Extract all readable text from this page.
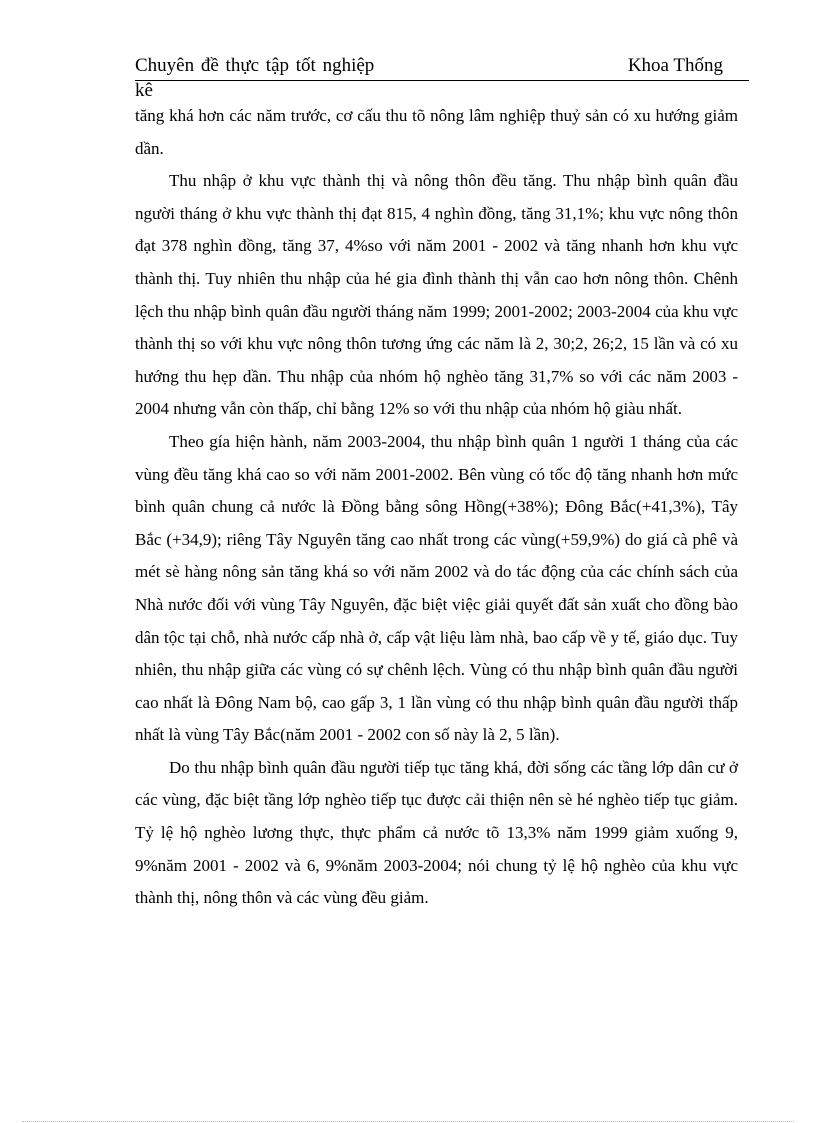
Chuyên đề thực tập tốt nghiệp	Khoa Thống
kê

tăng khá hơn các năm trước, cơ cấu thu tõ nông lâm nghiệp thuỷ sản có xu hướng giảm dần.

Thu nhập ở khu vực thành thị và nông thôn đều tăng. Thu nhập bình quân đầu người tháng ở khu vực thành thị đạt 815, 4 nghìn đồng, tăng 31,1%; khu vực nông thôn đạt 378 nghìn đồng, tăng 37, 4%so với năm 2001 - 2002 và tăng nhanh hơn khu vực thành thị. Tuy nhiên thu nhập của hé gia đình thành thị vẫn cao hơn nông thôn. Chênh lệch thu nhập bình quân đầu người tháng năm 1999; 2001-2002; 2003-2004 của khu vực thành thị so với khu vực nông thôn tương ứng các năm là 2, 30;2, 26;2, 15 lần và có xu hướng thu hẹp dần. Thu nhập của nhóm hộ nghèo tăng 31,7% so với các năm 2003 - 2004 nhưng vẫn còn thấp, chỉ bằng 12% so với thu nhập của nhóm hộ giàu nhất.

Theo gía hiện hành, năm 2003-2004, thu nhập bình quân 1 người 1 tháng của các vùng đều tăng khá cao so với năm 2001-2002. Bên vùng có tốc độ tăng nhanh hơn mức bình quân chung cả nước là Đồng bằng sông Hồng(+38%); Đông Bắc(+41,3%), Tây Bắc (+34,9); riêng Tây Nguyên tăng cao nhất trong các vùng(+59,9%) do giá cà phê và mét sè hàng nông sản tăng khá so với năm 2002 và do tác động của các chính sách của Nhà nước đối với vùng Tây Nguyên, đặc biệt việc giải quyết đất sản xuất cho đồng bào dân tộc tại chỗ, nhà nước cấp nhà ở, cấp vật liệu làm nhà, bao cấp về y tế, giáo dục. Tuy nhiên, thu nhập giữa các vùng có sự chênh lệch. Vùng có thu nhập bình quân đầu người cao nhất là Đông Nam bộ, cao gấp 3, 1 lần vùng có thu nhập bình quân đầu người thấp nhất là vùng Tây Bắc(năm 2001 - 2002 con số này là 2, 5 lần).

Do thu nhập bình quân đầu người tiếp tục tăng khá, đời sống các tầng lớp dân cư ở các vùng, đặc biệt tầng lớp nghèo tiếp tục được cải thiện nên sè hé nghèo tiếp tục giảm. Tỷ lệ hộ nghèo lương thực, thực phẩm cả nước tõ 13,3% năm 1999 giảm xuống 9, 9%năm 2001 - 2002 và 6, 9%năm 2003-2004; nói chung tỷ lệ hộ nghèo của khu vực thành thị, nông thôn và các vùng đều giảm.
